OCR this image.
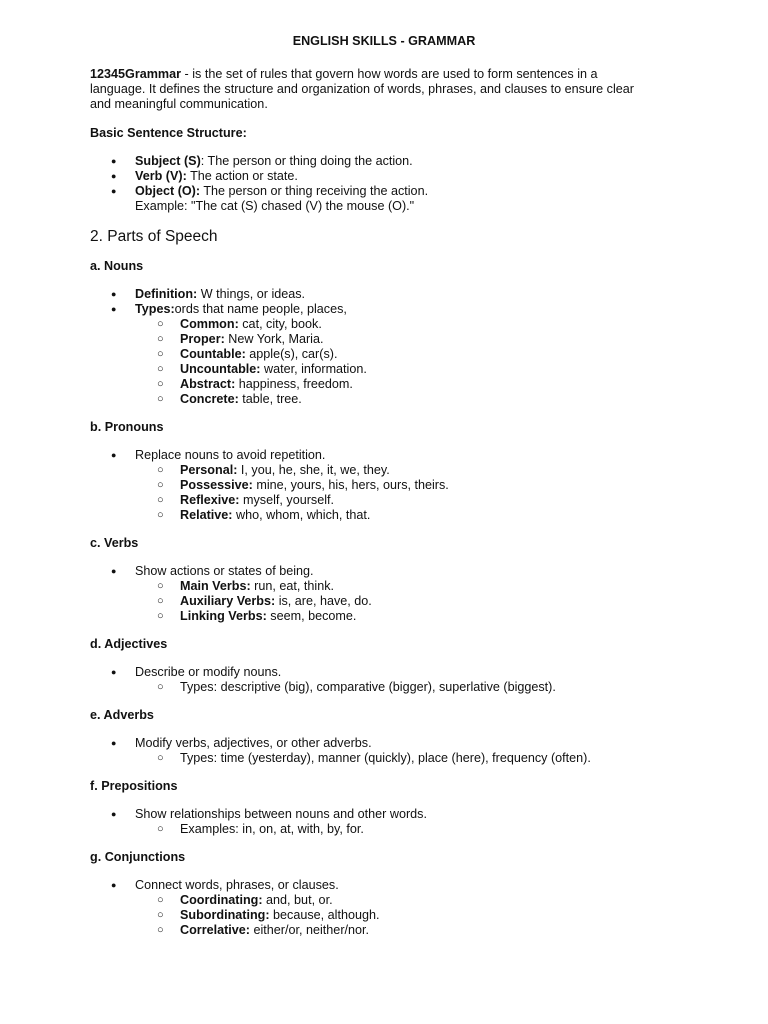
ENGLISH SKILLS - GRAMMAR

12345Grammar - is the set of rules that govern how words are used to form sentences in a language. It defines the structure and organization of words, phrases, and clauses to ensure clear and meaningful communication.

Basic Sentence Structure:

● Subject (S): The person or thing doing the action.
● Verb (V): The action or state.
● Object (O): The person or thing receiving the action.
Example: "The cat (S) chased (V) the mouse (O)."

2. Parts of Speech

a. Nouns

● Definition: W things, or ideas.
● Types:ords that name people, places,
○ Common: cat, city, book.
○ Proper: New York, Maria.
○ Countable: apple(s), car(s).
○ Uncountable: water, information.
○ Abstract: happiness, freedom.
○ Concrete: table, tree.

b. Pronouns

● Replace nouns to avoid repetition.
○ Personal: I, you, he, she, it, we, they.
○ Possessive: mine, yours, his, hers, ours, theirs.
○ Reflexive: myself, yourself.
○ Relative: who, whom, which, that.

c. Verbs

● Show actions or states of being.
○ Main Verbs: run, eat, think.
○ Auxiliary Verbs: is, are, have, do.
○ Linking Verbs: seem, become.

d. Adjectives

● Describe or modify nouns.
○ Types: descriptive (big), comparative (bigger), superlative (biggest).

e. Adverbs

● Modify verbs, adjectives, or other adverbs.
○ Types: time (yesterday), manner (quickly), place (here), frequency (often).

f. Prepositions

● Show relationships between nouns and other words.
○ Examples: in, on, at, with, by, for.

g. Conjunctions

● Connect words, phrases, or clauses.
○ Coordinating: and, but, or.
○ Subordinating: because, although.
○ Correlative: either/or, neither/nor.
